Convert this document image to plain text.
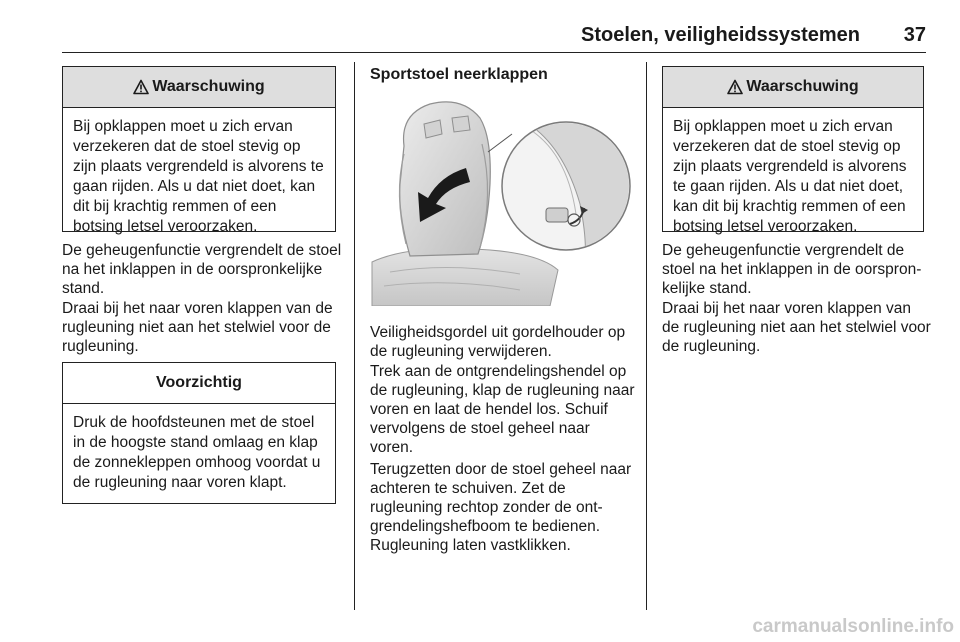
Stoelen, veiligheidssystemen	37
Waarschuwing
Bij opklappen moet u zich ervan verzekeren dat de stoel stevig op zijn plaats vergrendeld is alvorens te gaan rijden. Als u dat niet doet, kan dit bij krachtig remmen of een botsing letsel veroorzaken.

De geheugenfunctie vergrendelt de stoel na het inklappen in de oorspronkelijke stand.

Draai bij het naar voren klappen van de rugleuning niet aan het stelwiel voor de rugleuning.

Voorzichtig
Druk de hoofdsteunen met de stoel in de hoogste stand omlaag en klap de zonnekleppen omhoog voordat u de rugleuning naar voren klapt.
Sportstoel neerklappen

Veiligheidsgordel uit gordelhouder op de rugleuning verwijderen.

Trek aan de ontgrendelingshendel op de rugleuning, klap de rugleuning naar voren en laat de hendel los. Schuif vervolgens de stoel geheel naar voren.

Terugzetten door de stoel geheel naar achteren te schuiven. Zet de rugleuning rechtop zonder de ontgrendelingshefboom te bedienen. Rugleuning laten vastklikken.

Waarschuwing
Bij opklappen moet u zich ervan verzekeren dat de stoel stevig op zijn plaats vergrendeld is alvorens te gaan rijden. Als u dat niet doet, kan dit bij krachtig remmen of een botsing letsel veroorzaken.

De geheugenfunctie vergrendelt de stoel na het inklappen in de oorspronkelijke stand.

Draai bij het naar voren klappen van de rugleuning niet aan het stelwiel voor de rugleuning.

carmanualsonline.info
